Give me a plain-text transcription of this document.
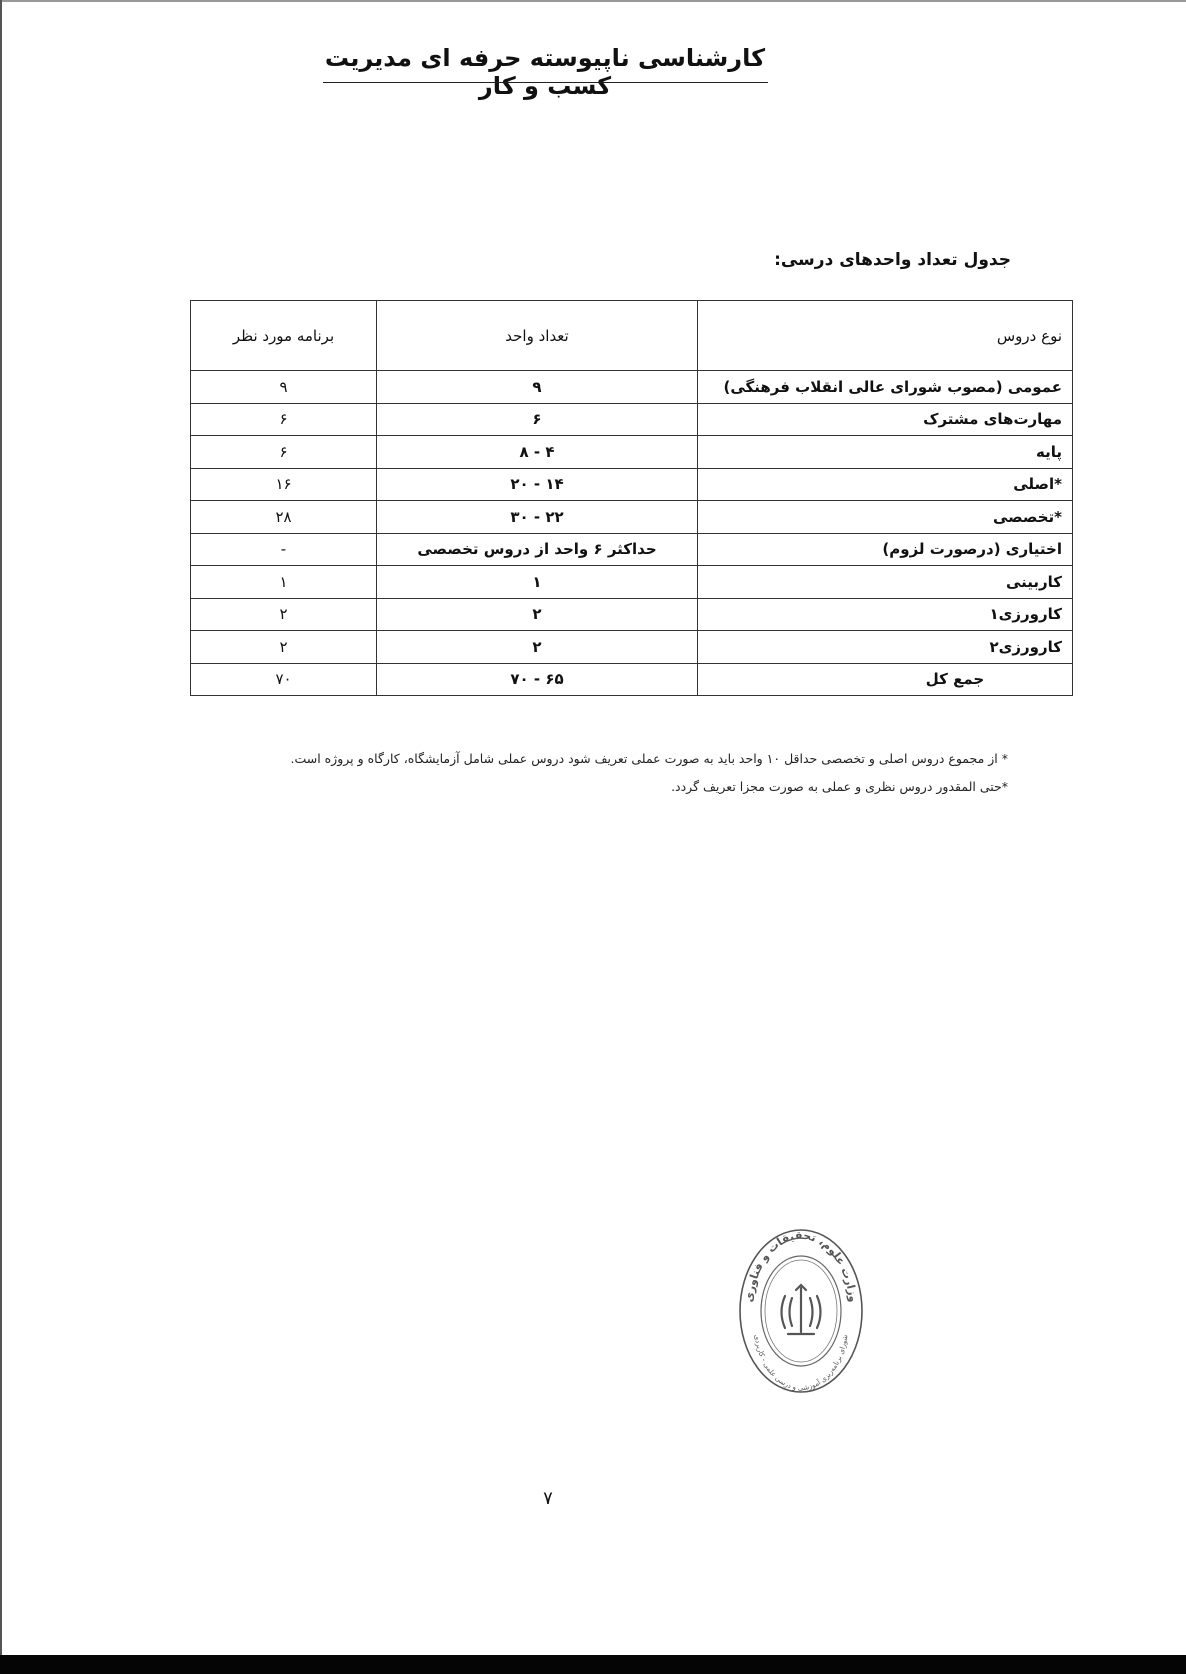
کارشناسی ناپیوسته حرفه ای مدیریت کسب و کار
جدول تعداد واحدهای درسی:
نوع دروس	تعداد واحد	برنامه مورد نظر
عمومی (مصوب شورای عالی انقلاب فرهنگی)	۹	۹
مهارت‌های مشترک	۶	۶
پایه	۴ - ۸	۶
*اصلی	۱۴ - ۲۰	۱۶
*تخصصی	۲۲ - ۳۰	۲۸
اختیاری (درصورت لزوم)	حداکثر ۶ واحد از دروس تخصصی	-
کاربینی	۱	۱
کارورزی۱	۲	۲
کارورزی۲	۲	۲
جمع کل	۶۵ - ۷۰	۷۰
* از مجموع دروس اصلی و تخصصی حداقل ۱۰ واحد باید به صورت عملی تعریف شود دروس عملی شامل آزمایشگاه، کارگاه و پروژه است.
*حتی المقدور دروس نظری و عملی به صورت مجزا تعریف گردد.
وزارت علوم، تحقیقات و فناوری
شورای برنامه‌ریزی آموزشی و درسی علمی - کاربردی
۷
